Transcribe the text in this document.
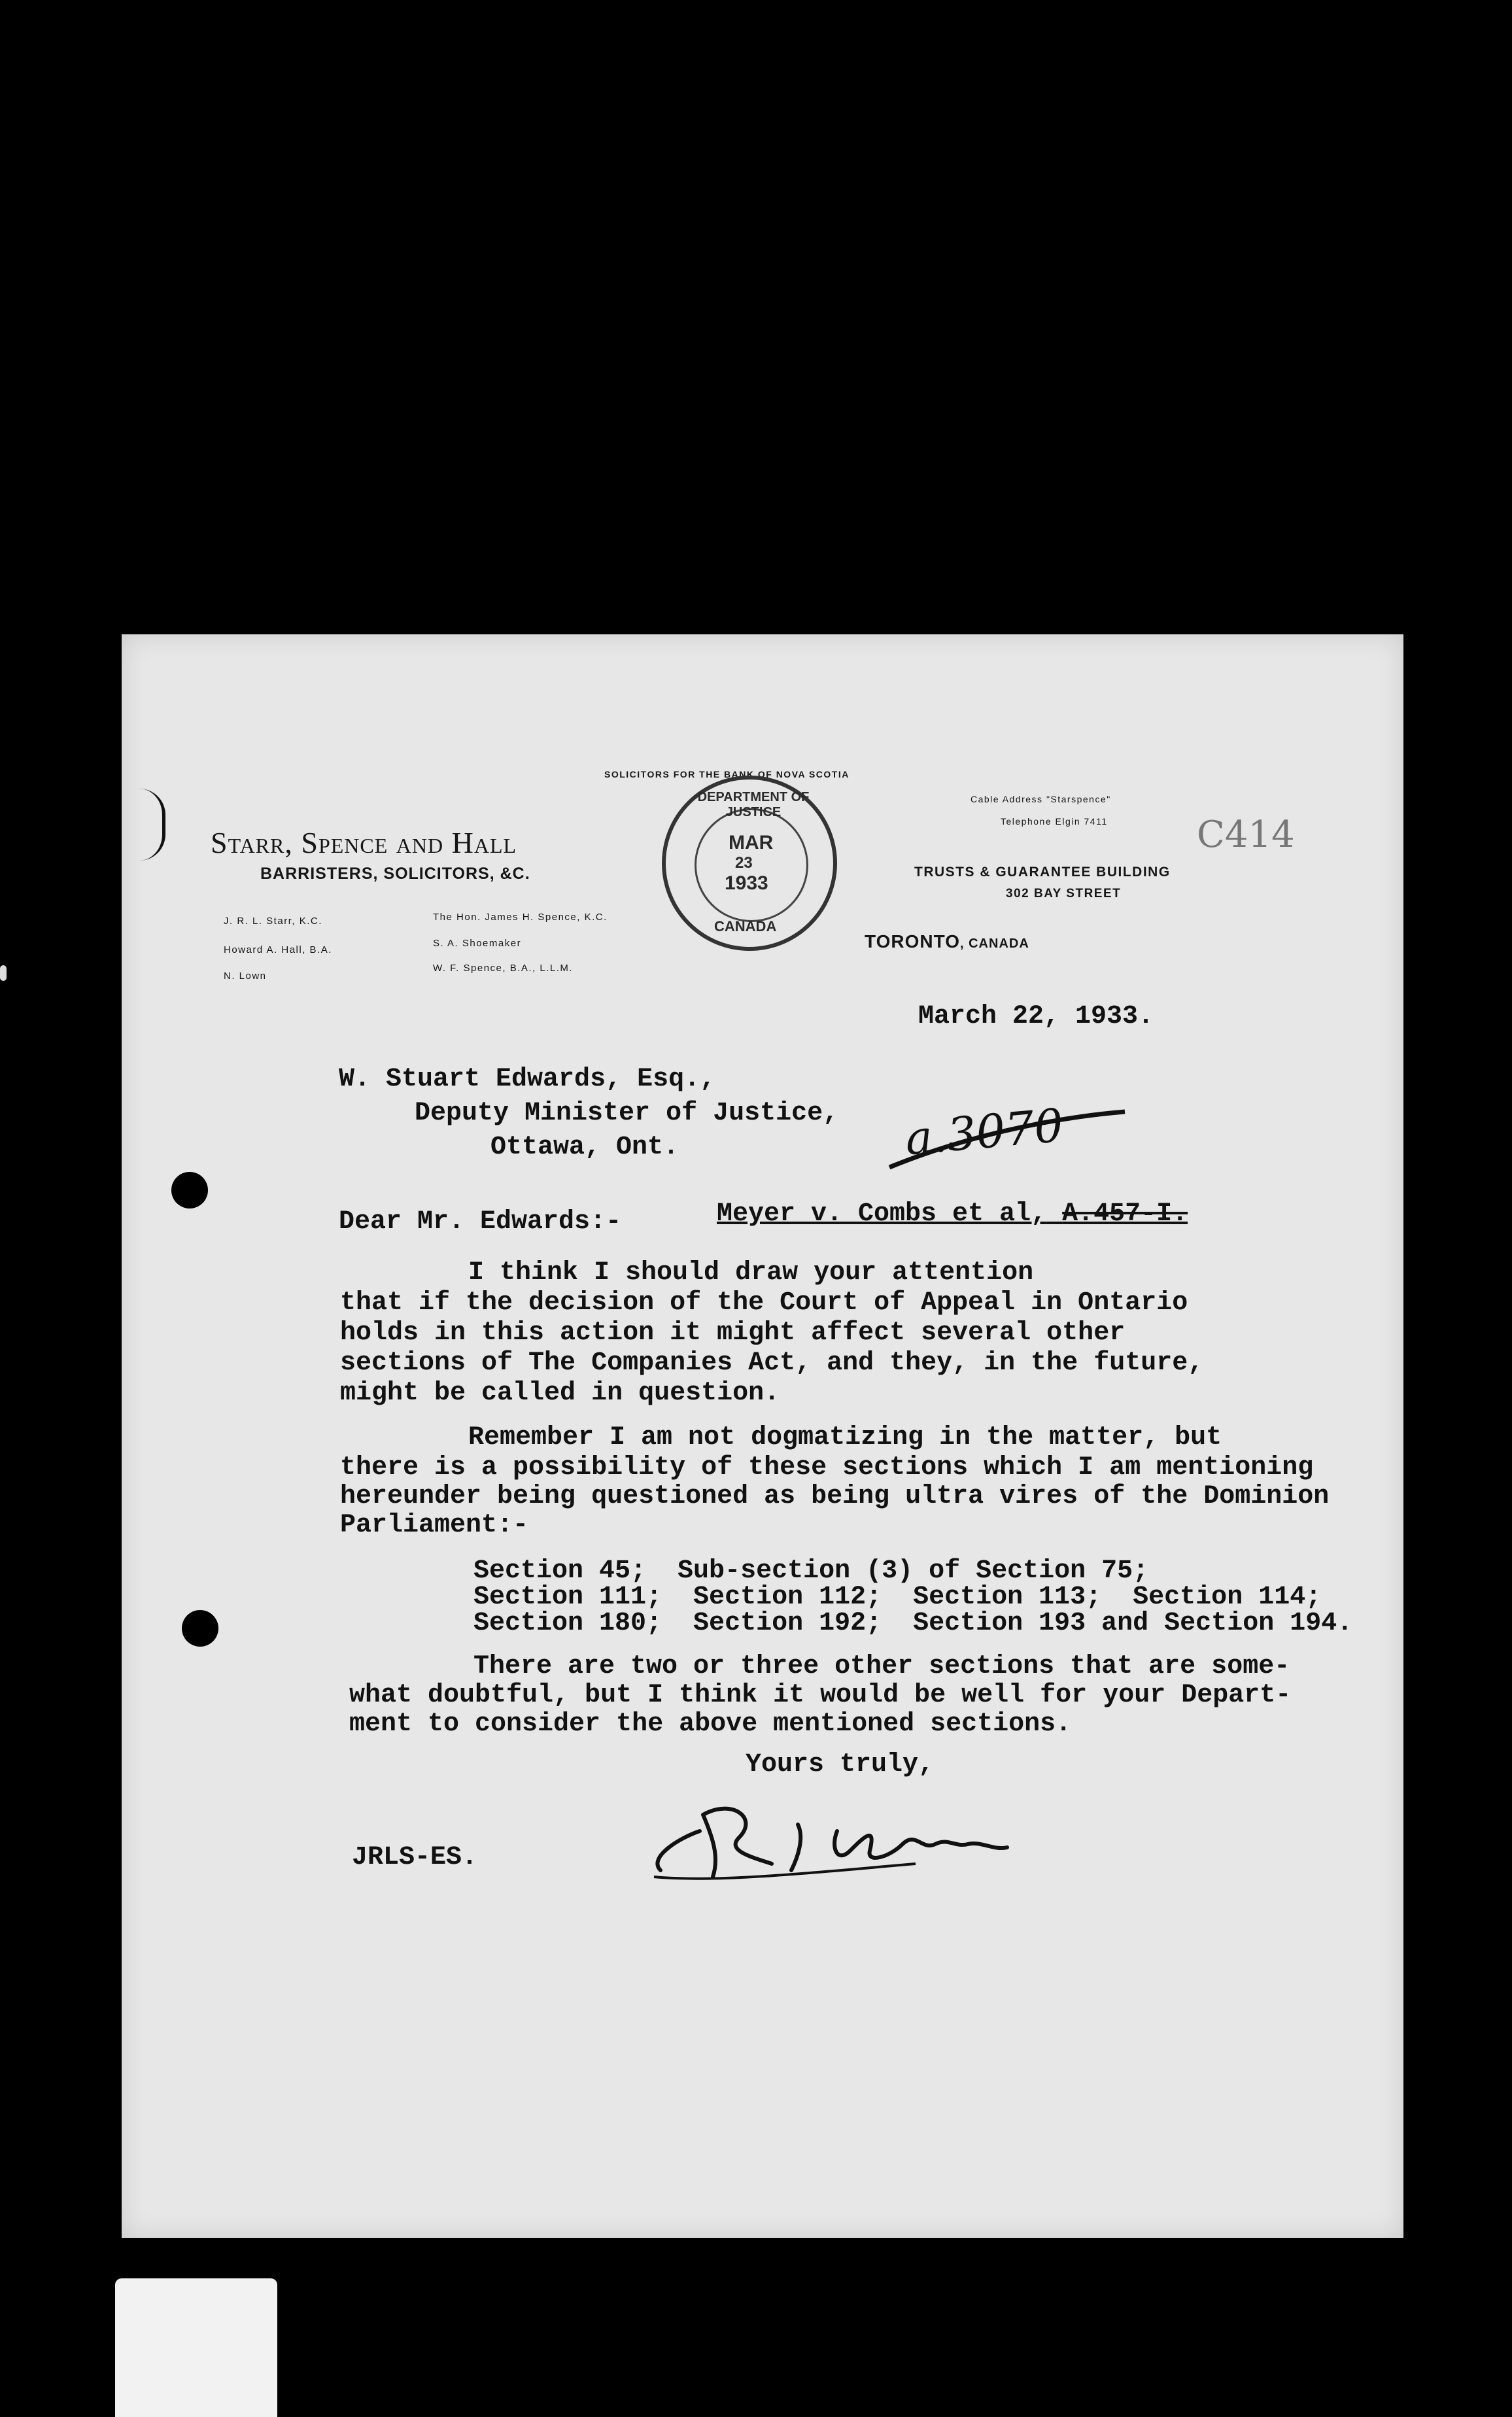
SOLICITORS FOR THE BANK OF NOVA SCOTIA
Starr, Spence and Hall
BARRISTERS, SOLICITORS, &C.
J. R. L. Starr, K.C.
Howard A. Hall, B.A.
N. Lown
The Hon. James H. Spence, K.C.
S. A. Shoemaker
W. F. Spence, B.A., L.L.M.
Cable Address "Starspence"
Telephone Elgin 7411 C414
TRUSTS & GUARANTEE BUILDING
302 BAY STREET
TORONTO, CANADA
DEPARTMENT OF JUSTICE
MAR
23
1933
CANADA
March 22, 1933.
W. Stuart Edwards, Esq.,
Deputy Minister of Justice,
Ottawa, Ont.	a.3070
Dear Mr. Edwards:-	Meyer v. Combs et al, A.457-I.
I think I should draw your attention
that if the decision of the Court of Appeal in Ontario
holds in this action it might affect several other
sections of The Companies Act, and they, in the future,
might be called in question.
Remember I am not dogmatizing in the matter, but
there is a possibility of these sections which I am mentioning
hereunder being questioned as being ultra vires of the Dominion
Parliament:-
Section 45;  Sub-section (3) of Section 75;
Section 111;  Section 112;  Section 113;  Section 114;
Section 180;  Section 192;  Section 193 and Section 194.
There are two or three other sections that are some-
what doubtful, but I think it would be well for your Depart-
ment to consider the above mentioned sections.
Yours truly,
JRLS-ES.
